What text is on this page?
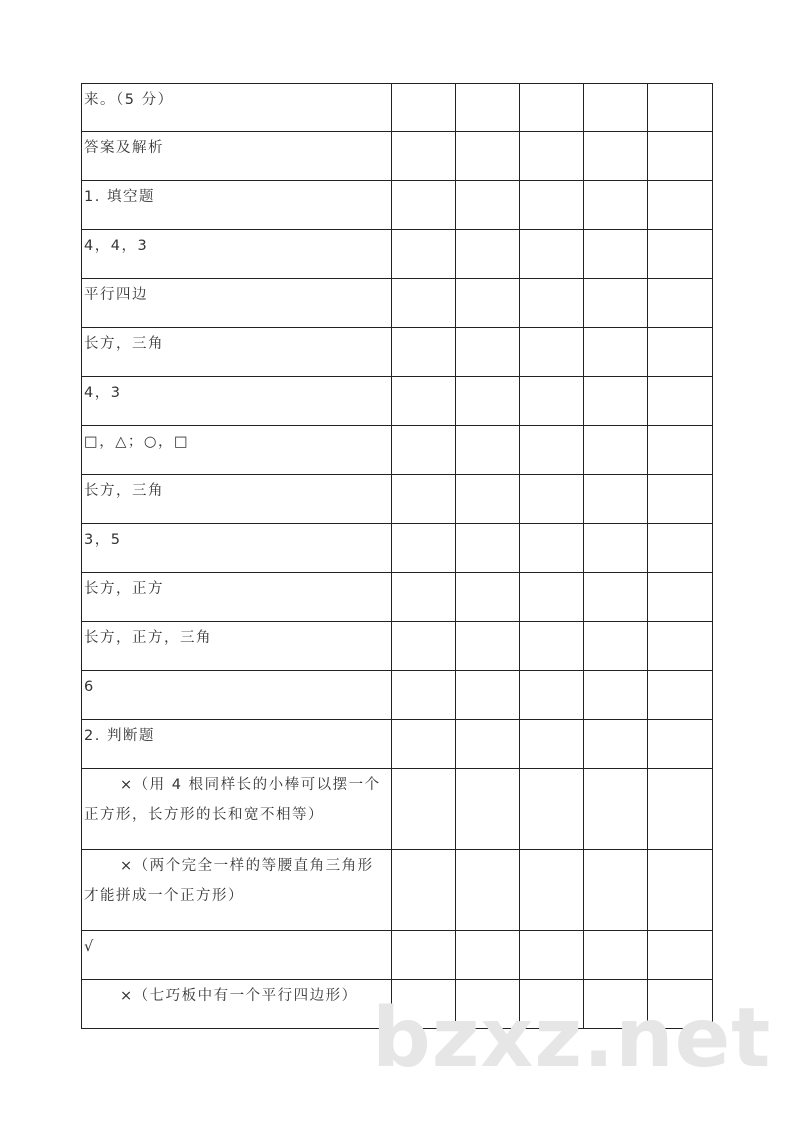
来。（5 分）					
答案及解析					
1. 填空题					
4，4，3					
平行四边					
长方，三角					
4，3					
□，△；○，□					
长方，三角					
3，5					
长方，正方					
长方，正方，三角					
6					
2. 判断题					
×（用 4 根同样长的小棒可以摆一个正方形，长方形的长和宽不相等）					
×（两个完全一样的等腰直角三角形才能拼成一个正方形）					
√					
×（七巧板中有一个平行四边形）					bzxz.net
